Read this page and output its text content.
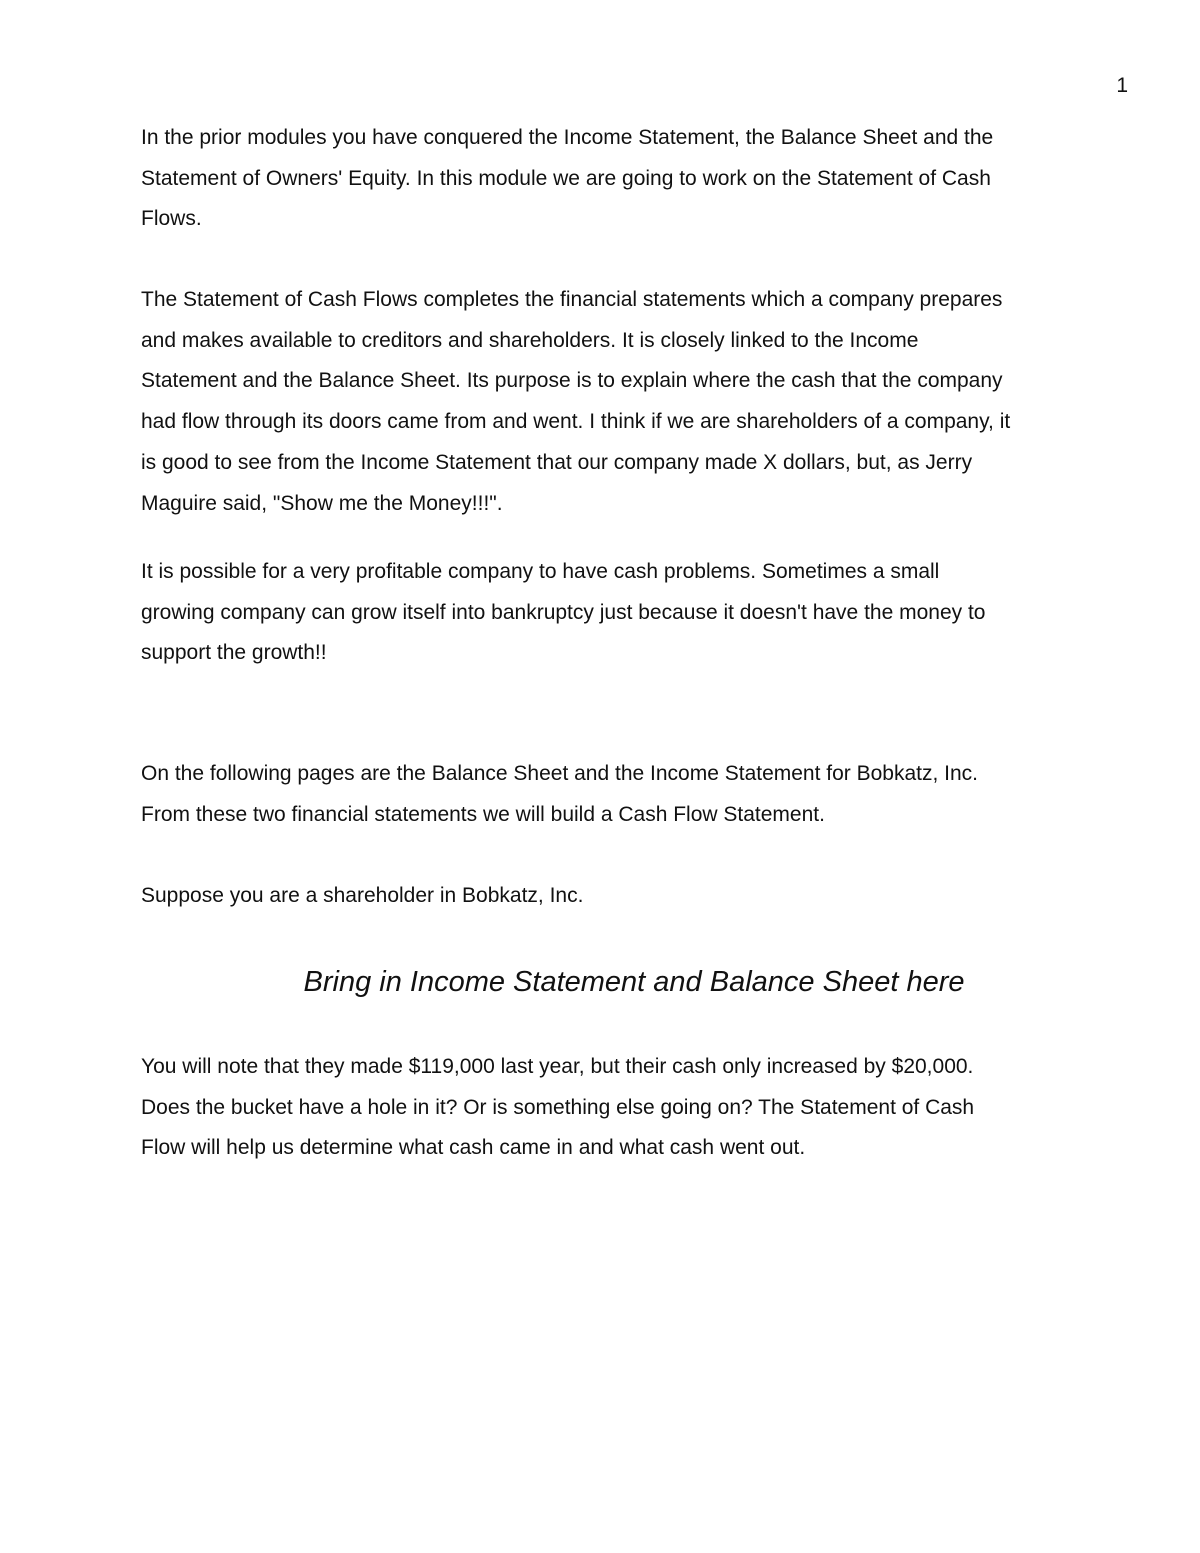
1

In the prior modules you have conquered the Income Statement, the Balance Sheet and the
Statement of Owners' Equity. In this module we are going to work on the Statement of Cash
Flows.

The Statement of Cash Flows completes the financial statements which a company prepares
and makes available to creditors and shareholders. It is closely linked to the Income
Statement and the Balance Sheet. Its purpose is to explain where the cash that the company
had flow through its doors came from and went. I think if we are shareholders of a company, it
is good to see from the Income Statement that our company made X dollars, but, as Jerry
Maguire said, "Show me the Money!!!".

It is possible for a very profitable company to have cash problems. Sometimes a small
growing company can grow itself into bankruptcy just because it doesn't have the money to
support the growth!!

On the following pages are the Balance Sheet and the Income Statement for Bobkatz, Inc.
From these two financial statements we will build a Cash Flow Statement.

Suppose you are a shareholder in Bobkatz, Inc.

Bring in Income Statement and Balance Sheet here

You will note that they made $119,000 last year, but their cash only increased by $20,000.
Does the bucket have a hole in it? Or is something else going on? The Statement of Cash
Flow will help us determine what cash came in and what cash went out.
